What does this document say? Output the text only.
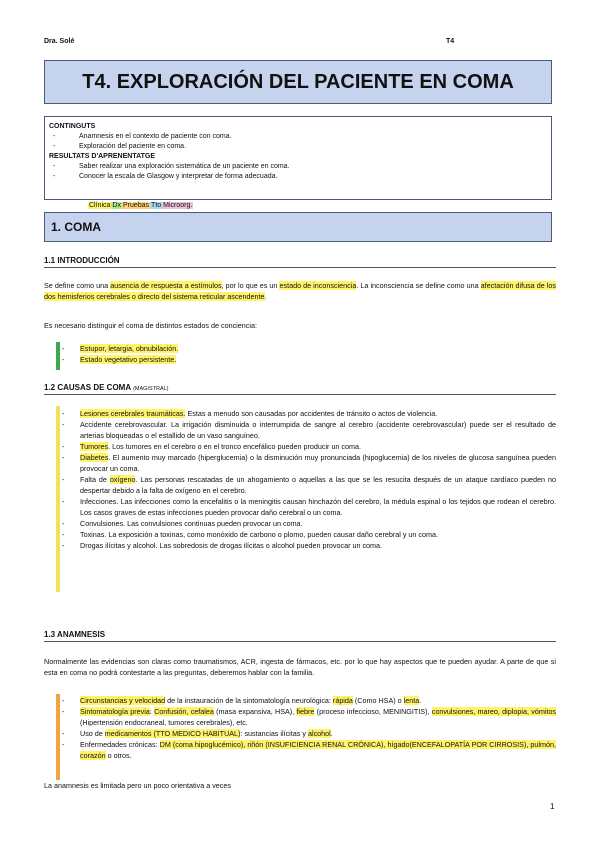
Dra. Solé	T4
T4. EXPLORACIÓN DEL PACIENTE EN COMA
CONTINGUTS
- Anamnesis en el contexto de paciente con coma.
- Exploración del paciente en coma.
RESULTATS D'APRENENTATGE
- Saber realizar una exploración sistemática de un paciente en coma.
- Conocer la escala de Glasgow y interpretar de forma adecuada.
Clínica Dx Pruebas Tto Microorg.
1. COMA
1.1 INTRODUCCIÓN
Se define como una ausencia de respuesta a estímulos, por lo que es un estado de inconsciencia. La inconsciencia se define como una afectación difusa de los dos hemisferios cerebrales o directo del sistema reticular ascendente.
Es necesario distinguir el coma de distintos estados de conciencia:
- Estupor, letargia, obnubilación.
- Estado vegetativo persistente.
1.2 CAUSAS DE COMA (MAGISTRAL)
- Lesiones cerebrales traumáticas. Estas a menudo son causadas por accidentes de tránsito o actos de violencia.
- Accidente cerebrovascular. La irrigación disminuida o interrumpida de sangre al cerebro (accidente cerebrovascular) puede ser el resultado de arterias bloqueadas o el estallido de un vaso sanguíneo.
- Tumores. Los tumores en el cerebro o en el tronco encefálico pueden producir un coma.
- Diabetes. El aumento muy marcado (hiperglucemia) o la disminución muy pronunciada (hipoglucemia) de los niveles de glucosa sanguínea pueden provocar un coma.
- Falta de oxígeno. Las personas rescatadas de un ahogamiento o aquellas a las que se les resucita después de un ataque cardíaco pueden no despertar debido a la falta de oxígeno en el cerebro.
- Infecciones. Las infecciones como la encefalitis o la meningitis causan hinchazón del cerebro, la médula espinal o los tejidos que rodean el cerebro. Los casos graves de estas infecciones pueden provocar daño cerebral o un coma.
- Convulsiones. Las convulsiones continuas pueden provocar un coma.
- Toxinas. La exposición a toxinas, como monóxido de carbono o plomo, pueden causar daño cerebral y un coma.
- Drogas ilícitas y alcohol. Las sobredosis de drogas ilícitas o alcohol pueden provocar un coma.
1.3 ANAMNESIS
Normalmente las evidencias son claras como traumatismos, ACR, ingesta de fármacos, etc. por lo que hay aspectos que te pueden ayudar. A parte de que si esta en coma no podrá contestarte a las preguntas, deberemos hablar con la familia.
- Circunstancias y velocidad de la instauración de la sintomatología neurológica: rápida (Como HSA) o lenta.
- Sintomatología previa: Confusión, cefalea (masa expansiva, HSA), fiebre (proceso infeccioso, MENINGITIS), convulsiones, mareo, diplopia, vómitos (Hipertensión endocraneal, tumores cerebrales), etc.
- Uso de medicamentos (TTO MEDICO HABITUAL): sustancias ilícitas y alcohol.
- Enfermedades crónicas: DM (coma hipoglucémico), riñón (INSUFICIENCIA RENAL CRÓNICA), hígado(ENCEFALOPATÍA POR CIRROSIS), pulmón, corazón o otros.
La anamnesis es limitada pero un poco orientativa a veces
1
